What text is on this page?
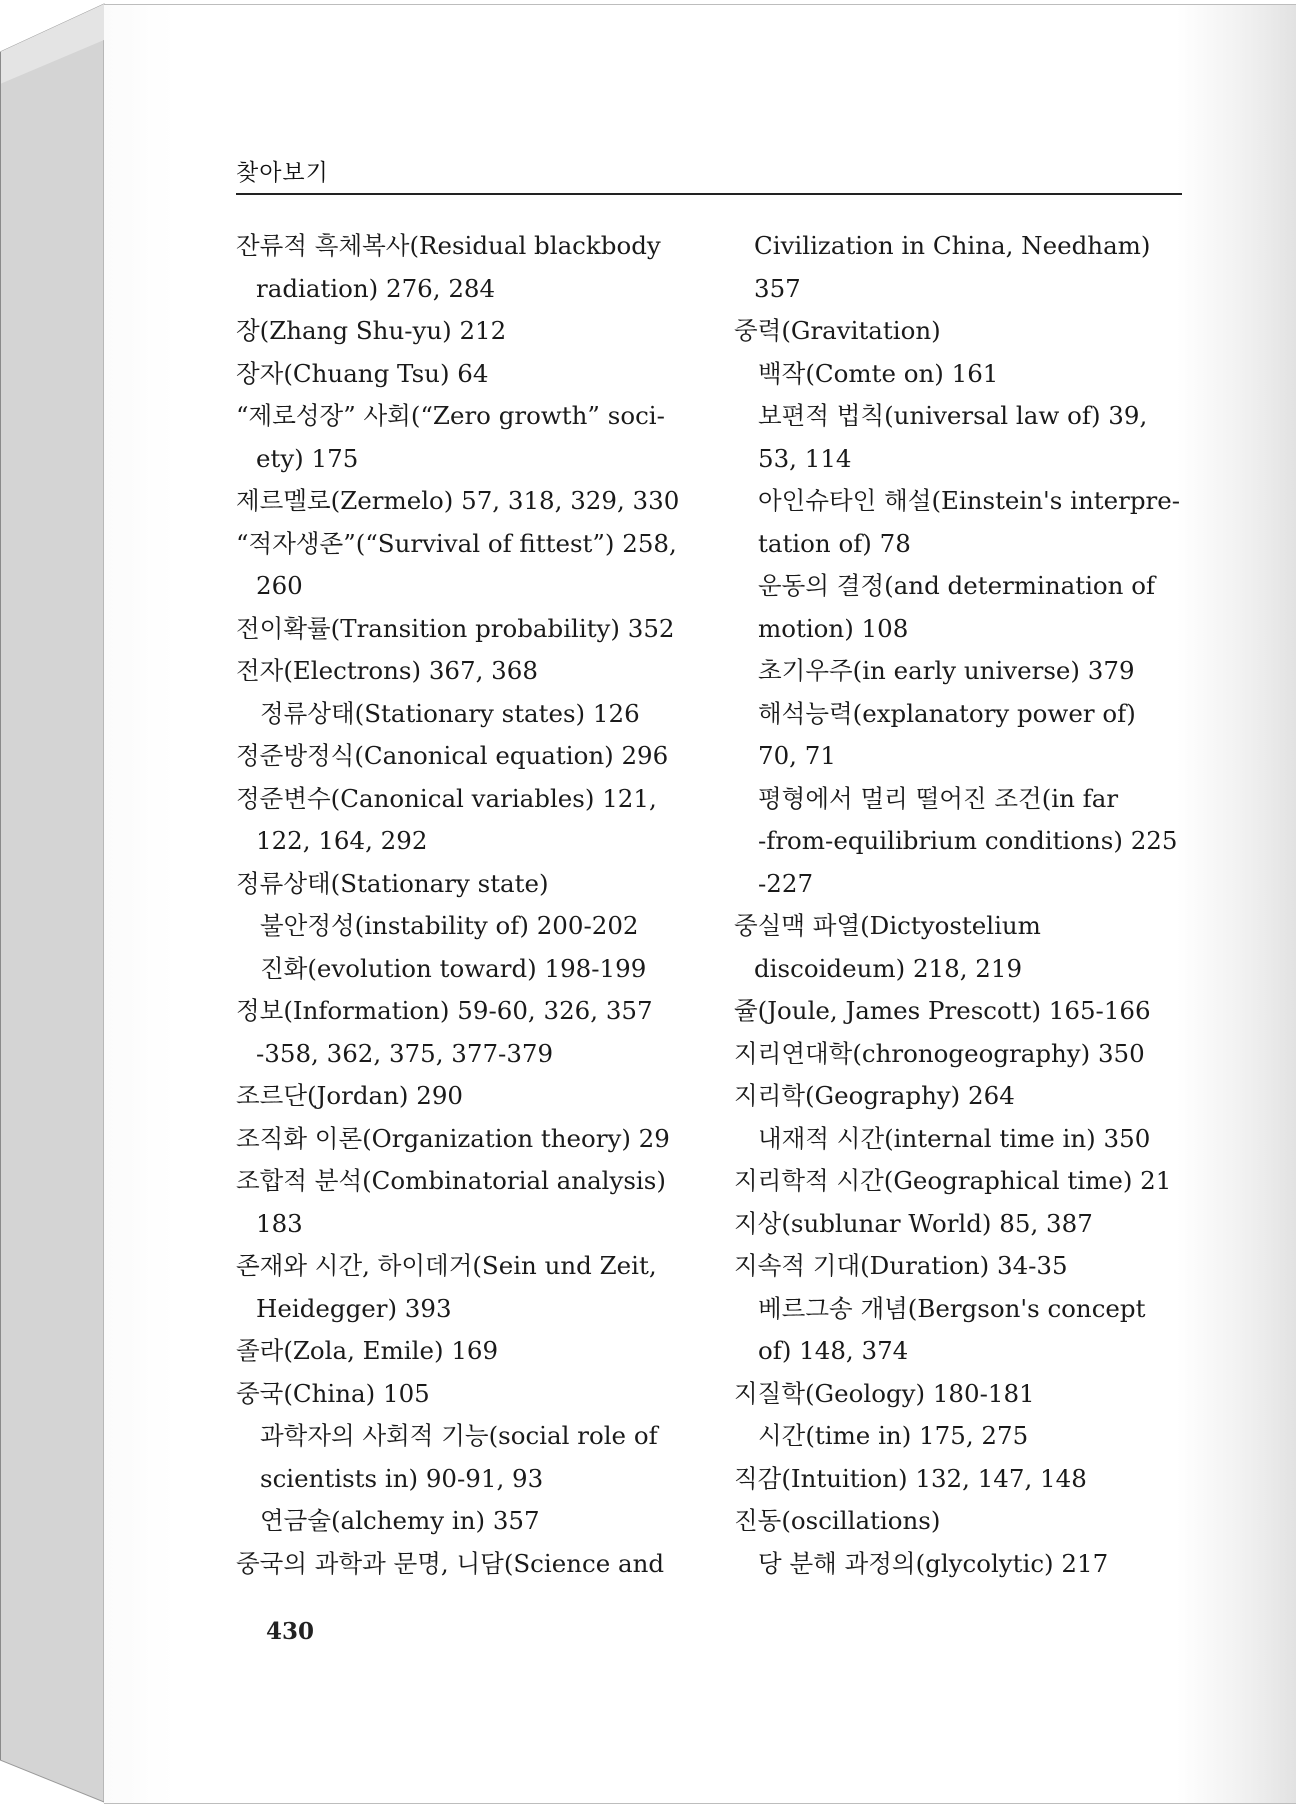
찾아보기
잔류적 흑체복사(Residual blackbody
radiation) 276, 284
장(Zhang Shu-yu) 212
장자(Chuang Tsu) 64
“제로성장” 사회(“Zero growth” soci-
ety) 175
제르멜로(Zermelo) 57, 318, 329, 330
“적자생존”(“Survival of fittest”) 258,
260
전이확률(Transition probability) 352
전자(Electrons) 367, 368
정류상태(Stationary states) 126
정준방정식(Canonical equation) 296
정준변수(Canonical variables) 121,
122, 164, 292
정류상태(Stationary state)
불안정성(instability of) 200-202
진화(evolution toward) 198-199
정보(Information) 59-60, 326, 357
-358, 362, 375, 377-379
조르단(Jordan) 290
조직화 이론(Organization theory) 29
조합적 분석(Combinatorial analysis)
183
존재와 시간, 하이데거(Sein und Zeit,
Heidegger) 393
졸라(Zola, Emile) 169
중국(China) 105
과학자의 사회적 기능(social role of
scientists in) 90-91, 93
연금술(alchemy in) 357
중국의 과학과 문명, 니담(Science and
Civilization in China, Needham)
357
중력(Gravitation)
백작(Comte on) 161
보편적 법칙(universal law of) 39,
53, 114
아인슈타인 해설(Einstein's interpre-
tation of) 78
운동의 결정(and determination of
motion) 108
초기우주(in early universe) 379
해석능력(explanatory power of)
70, 71
평형에서 멀리 떨어진 조건(in far
-from-equilibrium conditions) 225
-227
중실맥 파열(Dictyostelium
discoideum) 218, 219
쥴(Joule, James Prescott) 165-166
지리연대학(chronogeography) 350
지리학(Geography) 264
내재적 시간(internal time in) 350
지리학적 시간(Geographical time) 21
지상(sublunar World) 85, 387
지속적 기대(Duration) 34-35
베르그송 개념(Bergson's concept
of) 148, 374
지질학(Geology) 180-181
시간(time in) 175, 275
직감(Intuition) 132, 147, 148
진동(oscillations)
당 분해 과정의(glycolytic) 217
430
